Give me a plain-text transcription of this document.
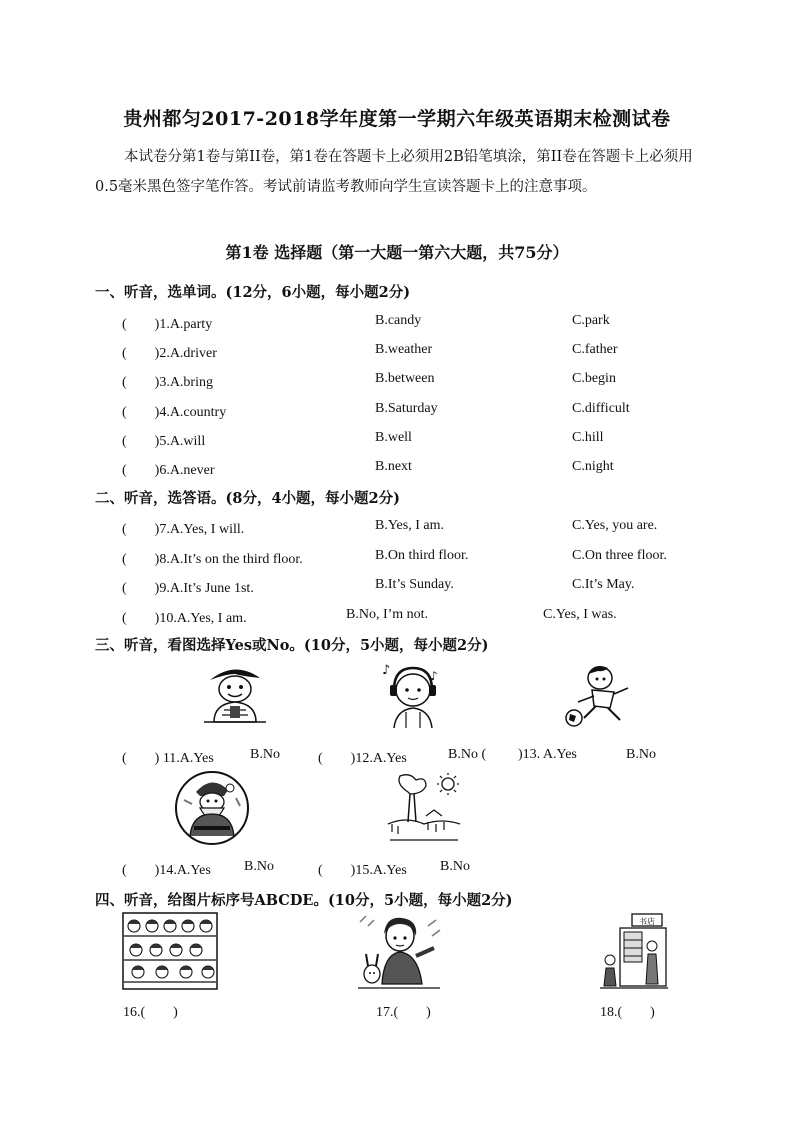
贵州都匀2017-2018学年度第一学期六年级英语期末检测试卷
本试卷分第1卷与第II卷，第1卷在答题卡上必须用2B铅笔填涂，第II卷在答题卡上必须用0.5毫米黑色签字笔作答。考试前请监考教师向学生宣读答题卡上的注意事项。
第1卷 选择题（第一大题一第六大题，共75分）
一、听音，选单词。(12分，6小题，每小题2分)
(　　)1.A.party	B.candy	C.park
(　　)2.A.driver	B.weather	C.father
(　　)3.A.bring	B.between	C.begin
(　　)4.A.country	B.Saturday	C.difficult
(　　)5.A.will	B.well	C.hill
(　　)6.A.never	B.next	C.night
二、听音，选答语。(8分，4小题，每小题2分)
(　　)7.A.Yes, I will.	B.Yes, I am.	C.Yes, you are.
(　　)8.A.It’s on the third floor.	B.On third floor.	C.On three floor.
(　　)9.A.It’s June 1st.	B.It’s Sunday.	C.It’s May.
(　　)10.A.Yes, I am.	B.No, I’m not.	C.Yes, I was.
三、听音，看图选择Yes或No。(10分，5小题，每小题2分)
♪	♪
(　　) 11.A.Yes	B.No	(　　)12.A.Yes	B.No ( )13. A.Yes	B.No
(　　)14.A.Yes B.No	(　　)15.A.Yes B.No
四、听音，给图片标序号ABCDE。(10分，5小题，每小题2分)
书店
16.(　　)	17.(　　)	18.(　　)
